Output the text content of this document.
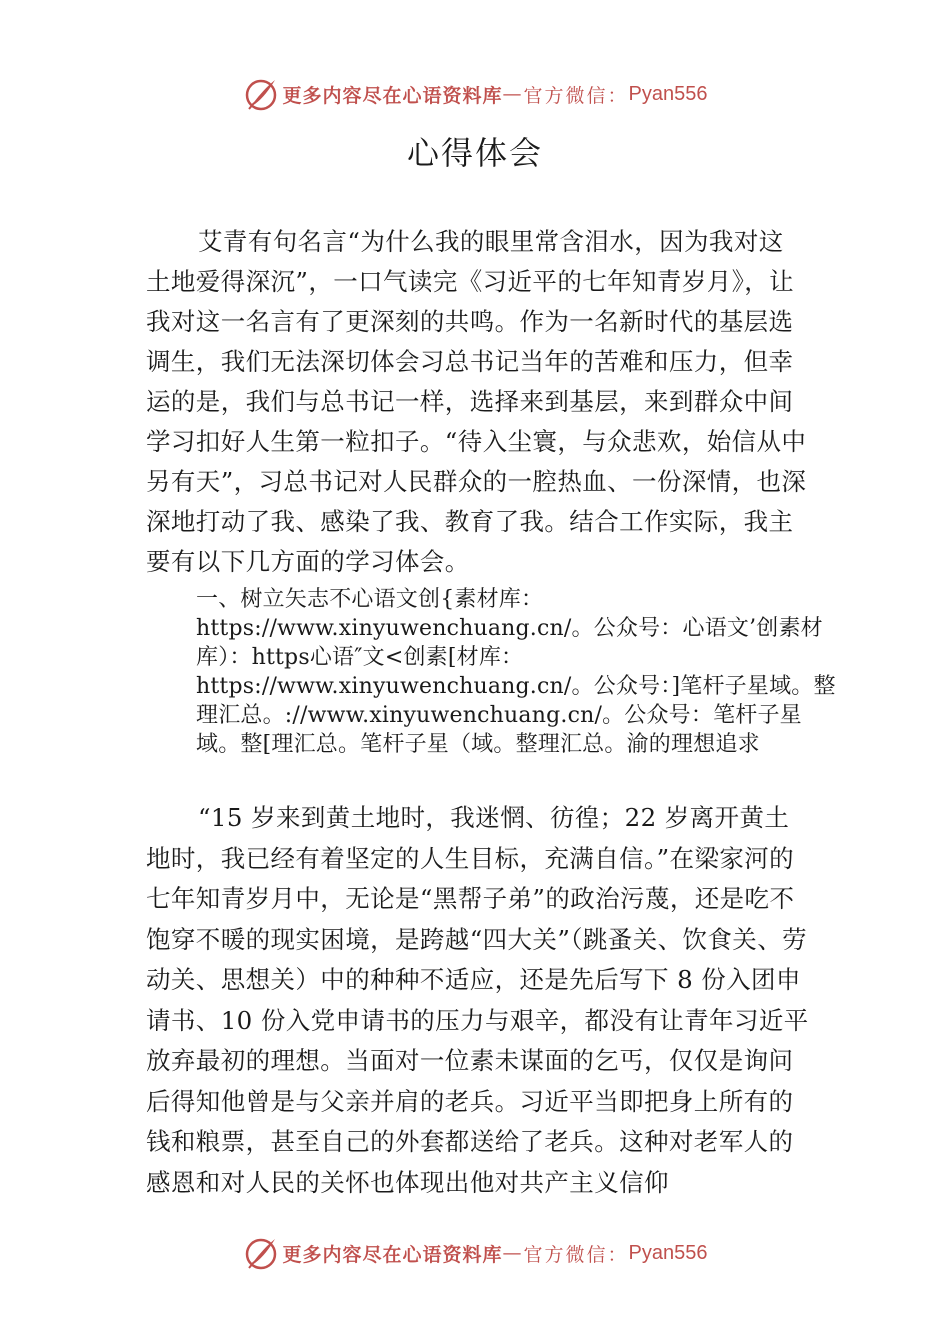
更多内容尽在心语资料库 — 官方微信： Pyan556
心得体会

艾青有句名言“为什么我的眼里常含泪水，因为我对这土地爱得深沉”，一口气读完《习近平的七年知青岁月》，让我对这一名言有了更深刻的共鸣。作为一名新时代的基层选调生，我们无法深切体会习总书记当年的苦难和压力，但幸运的是，我们与总书记一样，选择来到基层，来到群众中间学习扣好人生第一粒扣子。“待入尘寰，与众悲欢，始信从中另有天”，习总书记对人民群众的一腔热血、一份深情，也深深地打动了我、感染了我、教育了我。结合工作实际，我主要有以下几方面的学习体会。

一、树立矢志不心语文创{素材库：https://www.xinyuwenchuang.cn/。公众号：心语文’创素材库）：https心语″文<创素[材库：https://www.xinyuwenchuang.cn/。公众号：]笔杆子星域。整理汇总。://www.xinyuwenchuang.cn/。公众号：笔杆子星域。整[理汇总。笔杆子星（域。整理汇总。渝的理想追求

“15 岁来到黄土地时，我迷惘、彷徨；22 岁离开黄土地时，我已经有着坚定的人生目标，充满自信。”在梁家河的七年知青岁月中，无论是“黑帮子弟”的政治污蔑，还是吃不饱穿不暖的现实困境，是跨越“四大关”（跳蚤关、饮食关、劳动关、思想关）中的种种不适应，还是先后写下 8 份入团申请书、10 份入党申请书的压力与艰辛，都没有让青年习近平放弃最初的理想。当面对一位素未谋面的乞丐，仅仅是询问后得知他曾是与父亲并肩的老兵。习近平当即把身上所有的钱和粮票，甚至自己的外套都送给了老兵。这种对老军人的感恩和对人民的关怀也体现出他对共产主义信仰

更多内容尽在心语资料库 — 官方微信： Pyan556
